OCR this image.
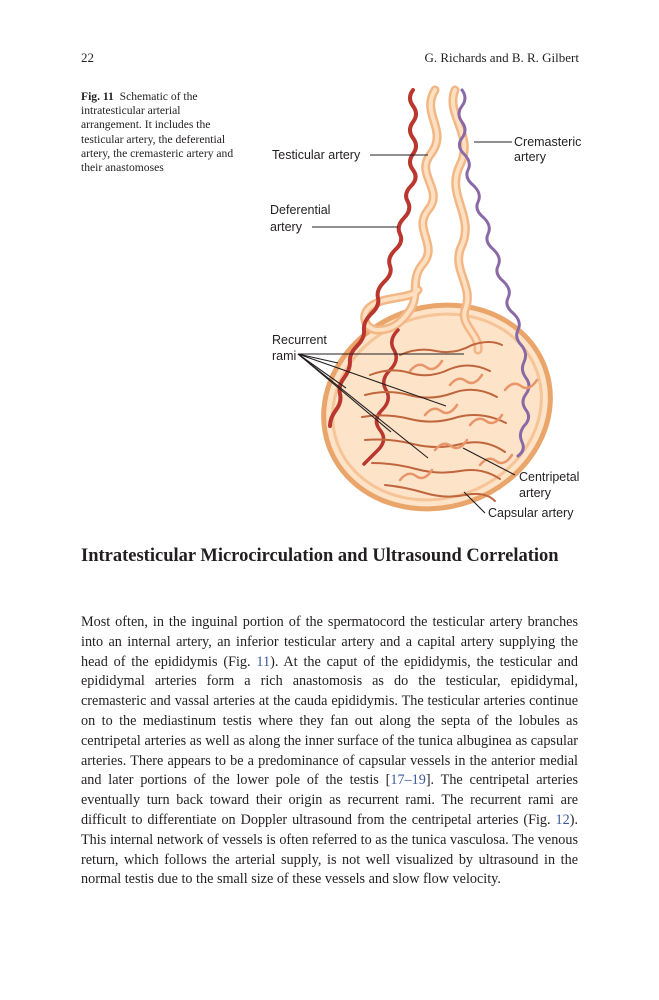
22	G. Richards and B. R. Gilbert
Fig. 11 Schematic of the intratesticular arterial arrangement. It includes the testicular artery, the deferential artery, the cremasteric artery and their anastomoses
Testicular artery
Cremasteric
artery
Deferential
artery
Recurrent
rami
Centripetal
artery
Capsular artery
Intratesticular Microcirculation and Ultrasound Correlation

Most often, in the inguinal portion of the spermatocord the testicular artery branches into an internal artery, an inferior testicular artery and a capital artery supplying the head of the epididymis (Fig. 11). At the caput of the epididymis, the testicular and epididymal arteries form a rich anastomosis as do the testicular, epididymal, cremasteric and vassal arteries at the cauda epididymis. The testicular arteries continue on to the mediastinum testis where they fan out along the septa of the lobules as centripetal arteries as well as along the inner surface of the tunica albuginea as capsular arteries. There appears to be a predominance of capsular vessels in the anterior medial and later portions of the lower pole of the testis [17–19]. The centripetal arteries eventually turn back toward their origin as recurrent rami. The recurrent rami are difficult to differentiate on Doppler ultrasound from the centripetal arteries (Fig. 12). This internal network of vessels is often referred to as the tunica vasculosa. The venous return, which follows the arterial supply, is not well visualized by ultrasound in the normal testis due to the small size of these vessels and slow flow velocity.
